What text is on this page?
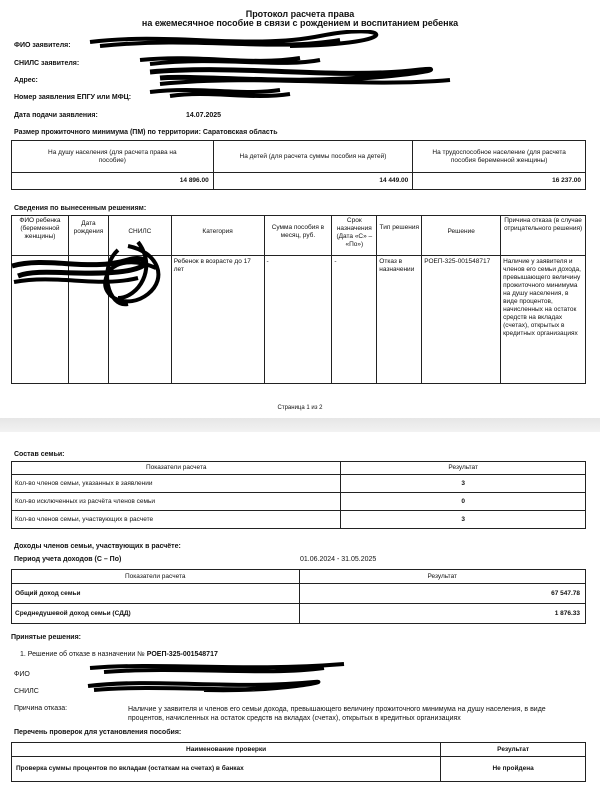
Протокол расчета права
на ежемесячное пособие в связи с рождением и воспитанием ребенка
ФИО заявителя:
СНИЛС заявителя:
Адрес:
Номер заявления ЕПГУ или МФЦ:
Дата подачи заявления:	14.07.2025
Размер прожиточного минимума (ПМ) по территории: Саратовская область
На душу населения (для расчета права на пособие)	На детей (для расчета суммы пособия на детей)	На трудоспособное население (для расчета пособия беременной женщины)
14 896.00	14 449.00	16 237.00
Сведения по вынесенным решениям:
ФИО ребенка (беременной женщины)	Дата рождения	СНИЛС	Категория	Сумма пособия в месяц, руб.	Срок назначения (Дата «С» – «По»)	Тип решения	Решение	Причина отказа (в случае отрицательного решения)
			Ребенок в возрасте до 17 лет	-	-	Отказ в назначении	РОЕП-325-001548717	Наличие у заявителя и членов его семьи дохода, превышающего величину прожиточного минимума на душу населения, в виде процентов, начисленных на остаток средств на вкладах (счетах), открытых в кредитных организациях
Страница 1 из 2
Состав семьи:
Показатели расчета	Результат
Кол-во членов семьи, указанных в заявлении	3
Кол-во исключенных из расчёта членов семьи	0
Кол-во членов семьи, участвующих в расчете	3
Доходы членов семьи, участвующих в расчёте:
Период учета доходов (С – По)	01.06.2024 - 31.05.2025
Показатели расчета	Результат
Общий доход семьи	67 547.78
Среднедушевой доход семьи (СДД)	1 876.33
Принятые решения:
1. Решение об отказе в назначении № РОЕП-325-001548717
ФИО
СНИЛС
Причина отказа:	Наличие у заявителя и членов его семьи дохода, превышающего величину прожиточного минимума на душу населения, в виде процентов, начисленных на остаток средств на вкладах (счетах), открытых в кредитных организациях
Перечень проверок для установления пособия:
Наименование проверки	Результат
Проверка суммы процентов по вкладам (остаткам на счетах) в банках	Не пройдена
